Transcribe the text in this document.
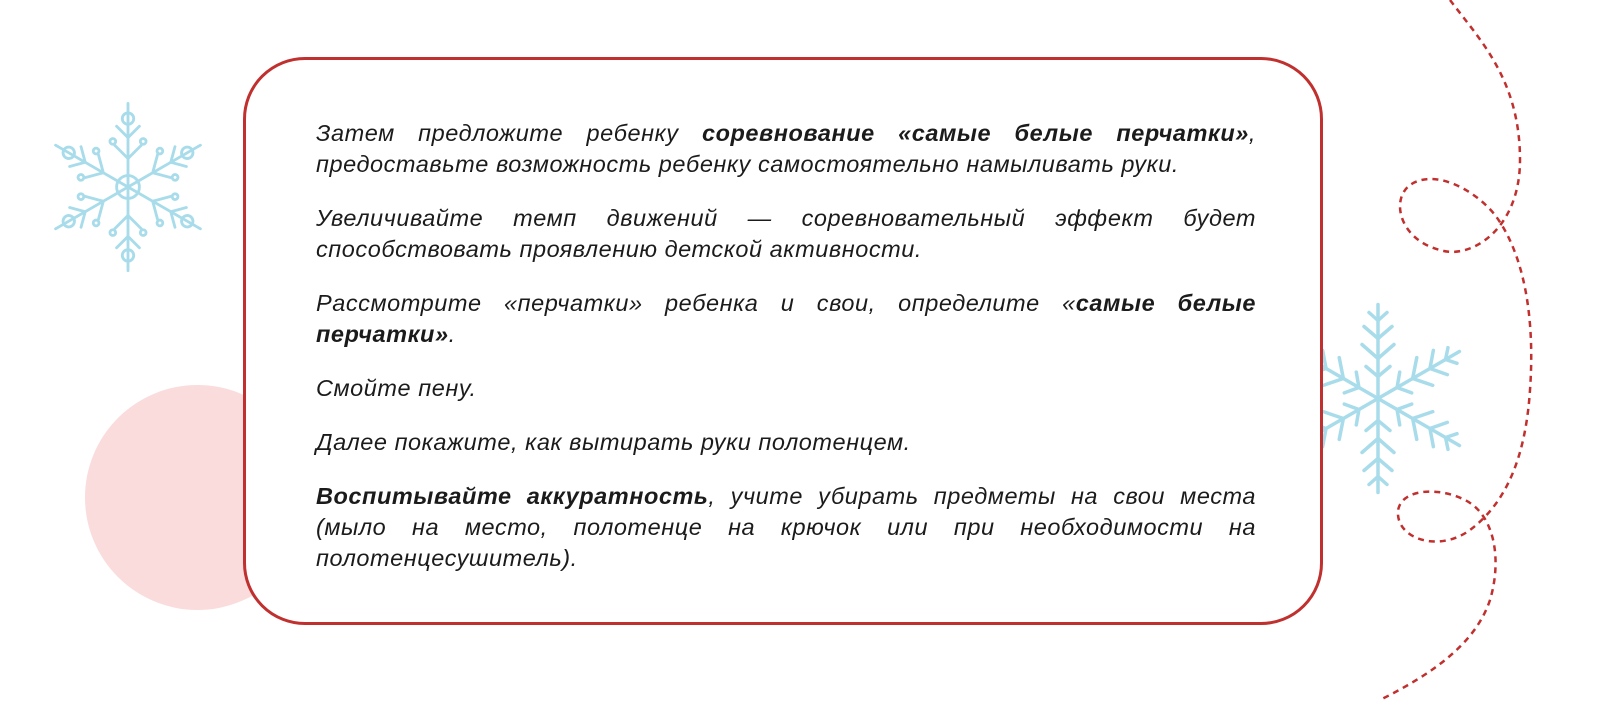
Затем предложите ребенку соревнование «самые белые перчатки», предоставьте возможность ребенку самостоятельно намыливать руки.

Увеличивайте темп движений — соревновательный эффект будет способствовать проявлению детской активности.

Рассмотрите «перчатки» ребенка и свои, определите «самые белые перчатки».

Смойте пену.

Далее покажите, как вытирать руки полотенцем.

Воспитывайте аккуратность, учите убирать предметы на свои места (мыло на место, полотенце на крючок или при необходимости на полотенцесушитель).
